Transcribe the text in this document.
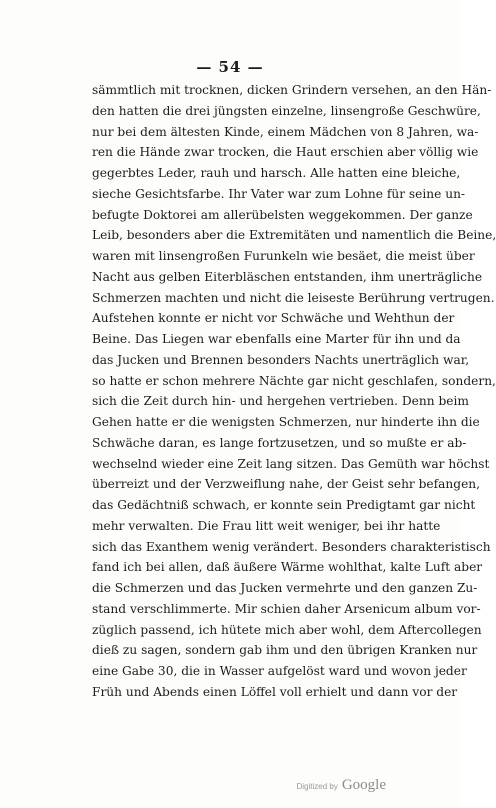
— 54 —
sämmtlich mit trocknen, dicken Grindern versehen, an den Hän-
den hatten die drei jüngsten einzelne, linsengroße Geschwüre,
nur bei dem ältesten Kinde, einem Mädchen von 8 Jahren, wa-
ren die Hände zwar trocken, die Haut erschien aber völlig wie
gegerbtes Leder, rauh und harsch. Alle hatten eine bleiche,
sieche Gesichtsfarbe. Ihr Vater war zum Lohne für seine un-
befugte Doktorei am allerübelsten weggekommen. Der ganze
Leib, besonders aber die Extremitäten und namentlich die Beine,
waren mit linsengroßen Furunkeln wie besäet, die meist über
Nacht aus gelben Eiterbläschen entstanden, ihm unerträgliche
Schmerzen machten und nicht die leiseste Berührung vertrugen.
Aufstehen konnte er nicht vor Schwäche und Wehthun der
Beine. Das Liegen war ebenfalls eine Marter für ihn und da
das Jucken und Brennen besonders Nachts unerträglich war,
so hatte er schon mehrere Nächte gar nicht geschlafen, sondern,
sich die Zeit durch hin- und hergehen vertrieben. Denn beim
Gehen hatte er die wenigsten Schmerzen, nur hinderte ihn die
Schwäche daran, es lange fortzusetzen, und so mußte er ab-
wechselnd wieder eine Zeit lang sitzen. Das Gemüth war höchst
überreizt und der Verzweiflung nahe, der Geist sehr befangen,
das Gedächtniß schwach, er konnte sein Predigtamt gar nicht
mehr verwalten. Die Frau litt weit weniger, bei ihr hatte
sich das Exanthem wenig verändert. Besonders charakteristisch
fand ich bei allen, daß äußere Wärme wohlthat, kalte Luft aber
die Schmerzen und das Jucken vermehrte und den ganzen Zu-
stand verschlimmerte. Mir schien daher Arsenicum album vor-
züglich passend, ich hütete mich aber wohl, dem Aftercollegen
dieß zu sagen, sondern gab ihm und den übrigen Kranken nur
eine Gabe 30, die in Wasser aufgelöst ward und wovon jeder
Früh und Abends einen Löffel voll erhielt und dann vor der
Digitized by Google
